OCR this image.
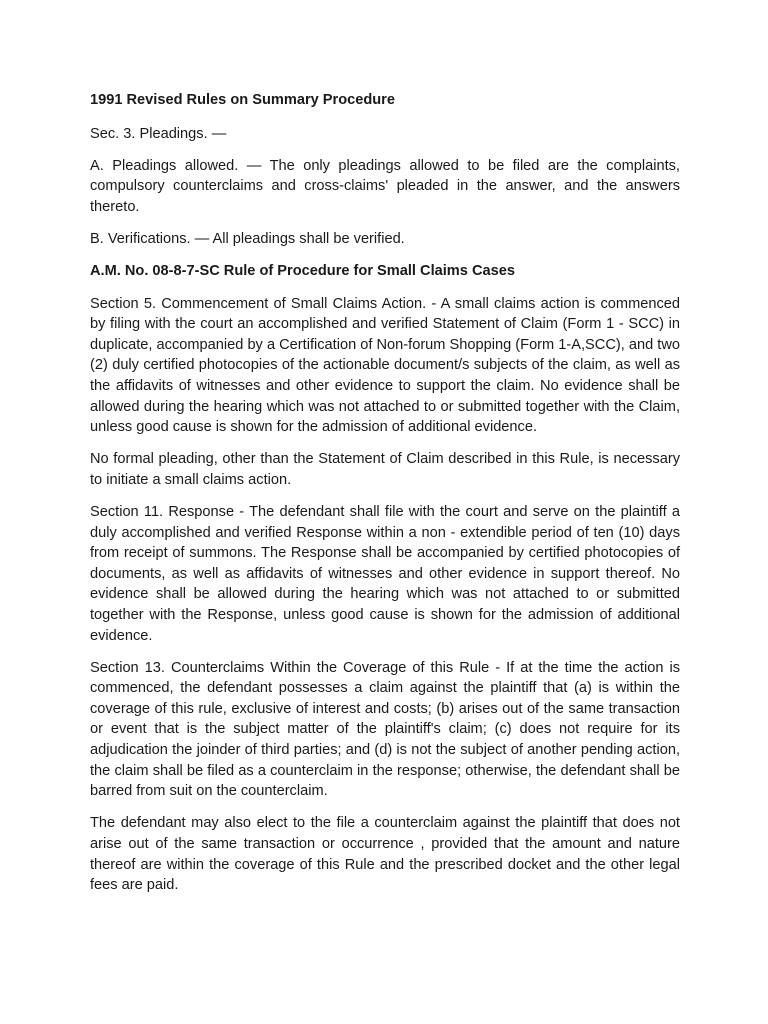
1991 Revised Rules on Summary Procedure

Sec. 3. Pleadings. —

A. Pleadings allowed. — The only pleadings allowed to be filed are the complaints, compulsory counterclaims and cross-claims' pleaded in the answer, and the answers thereto.

B. Verifications. — All pleadings shall be verified.

A.M. No. 08-8-7-SC Rule of Procedure for Small Claims Cases

Section 5. Commencement of Small Claims Action. - A small claims action is commenced by filing with the court an accomplished and verified Statement of Claim (Form 1 - SCC) in duplicate, accompanied by a Certification of Non-forum Shopping (Form 1-A,SCC), and two (2) duly certified photocopies of the actionable document/s subjects of the claim, as well as the affidavits of witnesses and other evidence to support the claim. No evidence shall be allowed during the hearing which was not attached to or submitted together with the Claim, unless good cause is shown for the admission of additional evidence.

No formal pleading, other than the Statement of Claim described in this Rule, is necessary to initiate a small claims action.

Section 11. Response - The defendant shall file with the court and serve on the plaintiff a duly accomplished and verified Response within a non - extendible period of ten (10) days from receipt of summons. The Response shall be accompanied by certified photocopies of documents, as well as affidavits of witnesses and other evidence in support thereof. No evidence shall be allowed during the hearing which was not attached to or submitted together with the Response, unless good cause is shown for the admission of additional evidence.

Section 13. Counterclaims Within the Coverage of this Rule - If at the time the action is commenced, the defendant possesses a claim against the plaintiff that (a) is within the coverage of this rule, exclusive of interest and costs; (b) arises out of the same transaction or event that is the subject matter of the plaintiff's claim; (c) does not require for its adjudication the joinder of third parties; and (d) is not the subject of another pending action, the claim shall be filed as a counterclaim in the response; otherwise, the defendant shall be barred from suit on the counterclaim.

The defendant may also elect to the file a counterclaim against the plaintiff that does not arise out of the same transaction or occurrence , provided that the amount and nature thereof are within the coverage of this Rule and the prescribed docket and the other legal fees are paid.
